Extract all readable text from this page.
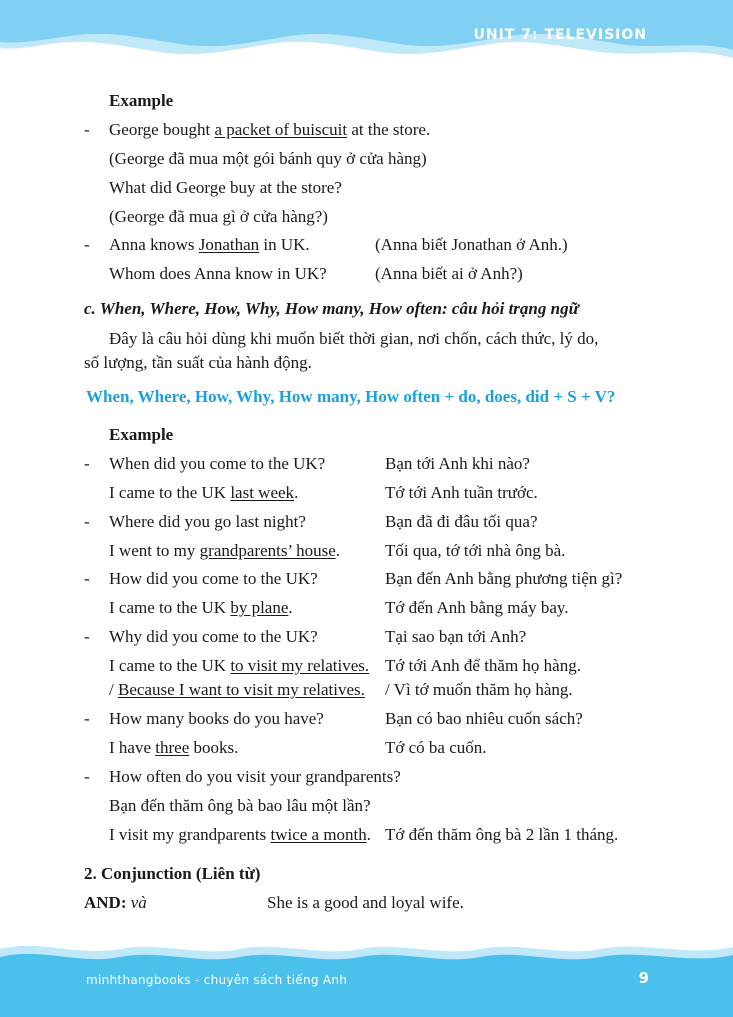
UNIT 7: TELEVISION
Example
- George bought a packet of buiscuit at the store.
(George đã mua một gói bánh quy ở cửa hàng)
What did George buy at the store?
(George đã mua gì ở cửa hàng?)
- Anna knows Jonathan in UK.	(Anna biết Jonathan ở Anh.)
Whom does Anna know in UK?	(Anna biết ai ở Anh?)
c. When, Where, How, Why, How many, How often: câu hỏi trạng ngữ
Đây là câu hỏi dùng khi muốn biết thời gian, nơi chốn, cách thức, lý do,
số lượng, tần suất của hành động.
When, Where, How, Why, How many, How often + do, does, did + S + V?
Example
- When did you come to the UK?	Bạn tới Anh khi nào?
I came to the UK last week.	Tớ tới Anh tuần trước.
- Where did you go last night?	Bạn đã đi đâu tối qua?
I went to my grandparents’ house.	Tối qua, tớ tới nhà ông bà.
- How did you come to the UK?	Bạn đến Anh bằng phương tiện gì?
I came to the UK by plane.	Tớ đến Anh bằng máy bay.
- Why did you come to the UK?	Tại sao bạn tới Anh?
I came to the UK to visit my relatives. Tớ tới Anh để thăm họ hàng.
/ Because I want to visit my relatives. / Vì tớ muốn thăm họ hàng.
- How many books do you have?	Bạn có bao nhiêu cuốn sách?
I have three books.	Tớ có ba cuốn.
- How often do you visit your grandparents?
Bạn đến thăm ông bà bao lâu một lần?
I visit my grandparents twice a month. Tớ đến thăm ông bà 2 lần 1 tháng.
2. Conjunction (Liên từ)
AND: và	She is a good and loyal wife.
minhthangbooks - chuyên sách tiếng Anh	9
